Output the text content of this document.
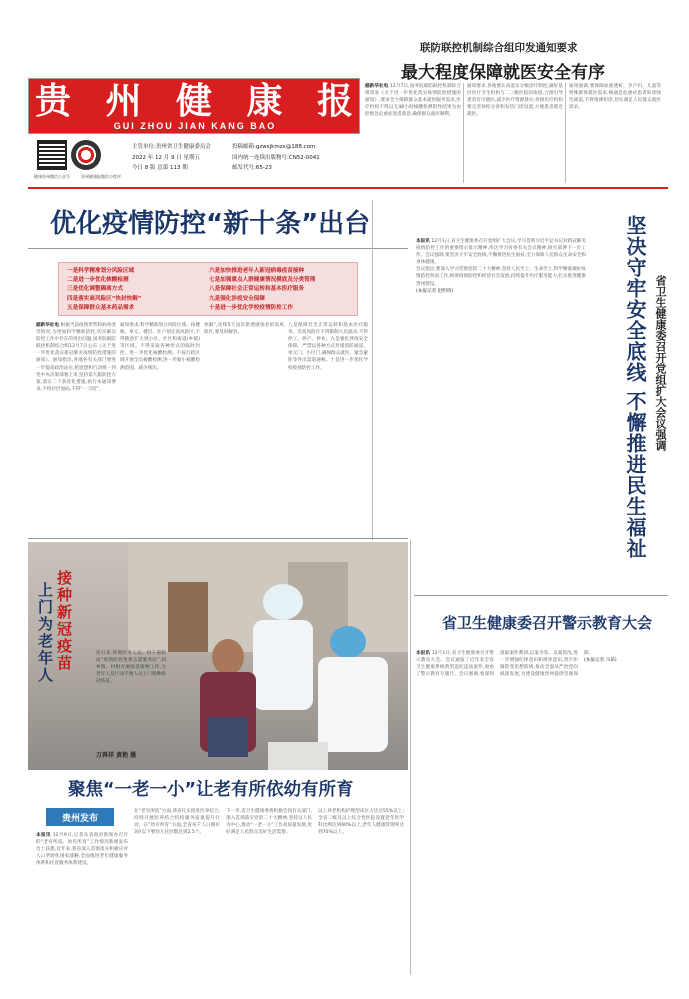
贵 州 健 康 报
GUI ZHOU JIAN KANG BAO
健康贵州微信公众号	贵州健康报微信小程序
主管单位:贵州省卫生健康委员会
2022 年 12 月 9 日 星期五
今日 8 版 总第 113 期
投稿邮箱:gzwsjkmzx@188.com
国内统一连续出版物号:CN52-0041
邮发代号:65-23
联防联控机制综合组印发通知要求
最大程度保障就医安全有序
据新华社电 12月7日,国务院联防联控机制综合组印发《关于进一步优化落实疫情防控措施的通知》,要求全力保障群众基本就医服务需求,医疗机构不得以无48小时核酸检测阴性结果为由拒绝急危重症患者就诊,确保群众就医顺利。
通知要求,各地要认真落实分级诊疗制度,做好基层医疗卫生机构与二三级医院的衔接,合理引导患者有序就医,减少医疗资源挤兑;各级医疗机构要完善预检分诊和发热门诊设置,方便患者就近就医。
通知强调,要保障血液透析、孕产妇、儿童等特殊群体就医需求,畅通急危重症患者转诊绿色通道,不得推诿拒诊,切实满足人民群众就医需求。
优化疫情防控“新十条”出台
一是科学精准划分风险区域
二是进一步优化核酸检测
三是优化调整隔离方式
四是落实高风险区“快封快解”
五是保障群众基本药品需求
六是加快推进老年人新冠病毒疫苗接种
七是加强重点人群健康情况摸底及分类管理
八是保障社会正常运转和基本医疗服务
九是强化涉疫安全保障
十是进一步优化学校疫情防控工作
据新华社电 根据当前疫情形势和病毒变异情况,为更加科学精准防控,切实解决防控工作中存在的突出问题,国务院联防联控机制综合组12月7日公布《关于进一步优化落实新冠肺炎疫情防控措施的通知》。通知指出,各地各有关部门要进一步提高政治站位,把思想和行动统一到党中央决策部署上来,坚持第九版防控方案,落实二十条优化措施,执行本通知要求,不得层层加码,不得“一刀切”。
通知要求,科学精准划分风险区域。按楼栋、单元、楼层、住户划定高风险区,不得随意扩大到小区、社区和街道(乡镇)等区域。不得采取各种形式的临时封控。进一步优化核酸检测。不按行政区域开展全员核酸检测,进一步缩小核酸检测范围、减少频次。
快解”,连续5天没有新增感染者的高风险区,要及时解封。
八是保障社会正常运转和基本医疗服务。非高风险区不得限制人员流动,不得停工、停产、停业。九是强化涉疫安全保障。严禁以各种方式封堵消防通道、单元门、小区门,确保群众就医、紧急避险等外出渠道通畅。十是进一步优化学校疫情防控工作。
上
门
为
老
年
人
接
种
新
冠
疫
苗
连日来,各地医务人员、村干部组成“疫情防控免费志愿服务队”,到乡镇、村组开展疫苗接种工作,为老年人及行动不便人员上门接种新冠疫苗。
万再祥 黄艳 摄
聚焦“一老一小”让老有所依幼有所育
贵州发布
本报讯 12月9日,记者从省政府新闻办召开的“老有所依、幼有所育”工作情况新闻发布会上获悉,近年来,我省深入贯彻落实积极应对人口老龄化国家战略,全面推进老年健康服务体系和托育服务体系建设。
在“老有所依”方面,我省扎实推进医养结合,持续开展医养结合机构服务质量提升行动。在“幼有所育”方面,全省每千人口拥有3岁以下婴幼儿托位数达到2.5个。
下一步,省卫生健康委将积极会同有关部门,深入贯彻落实党的二十大精神,坚持以人民为中心,推动“一老一小”工作高质量发展,更好满足人民群众美好生活需要。
以上养老机构护理型床位占比达55%以上;全省二级及以上综合性医院设置老年医学科比例达到60%以上,老年人健康管理率达到70%以上。
本报讯 12月1日,省卫生健康委召开党组扩大会议,学习贯彻习近平总书记对新冠肺炎疫情防控工作的重要指示批示精神,传达学习省委有关会议精神,研究部署下一步工作。会议强调,要坚决守牢安全底线,不懈推进民生福祉,全力保障人民群众生命安全和身体健康。
会议指出,要深入学习贯彻党的二十大精神,坚持人民至上、生命至上,科学精准做好疫情防控各项工作,统筹疫情防控和经济社会发展,持续提升医疗服务能力,扎实推进健康贵州建设。
(本报记者 赵明玥)	坚决守牢安全底线 不懈推进民生福祉 省卫生健康委召开党组扩大会议强调
省卫生健康委召开警示教育大会
本报讯 12月1日,省卫生健康委召开警示教育大会。会议通报了近年来全省卫生健康系统典型违纪违法案件,观看了警示教育专题片。会议强调,要深刻汲取案件教训,以案为鉴、以案促改,进一步增强纪律意识和规矩意识,筑牢拒腐防变思想防线,推动全面从严治党向纵深发展,为建设健康贵州提供坚强保障。
(本报记者 马昂)
